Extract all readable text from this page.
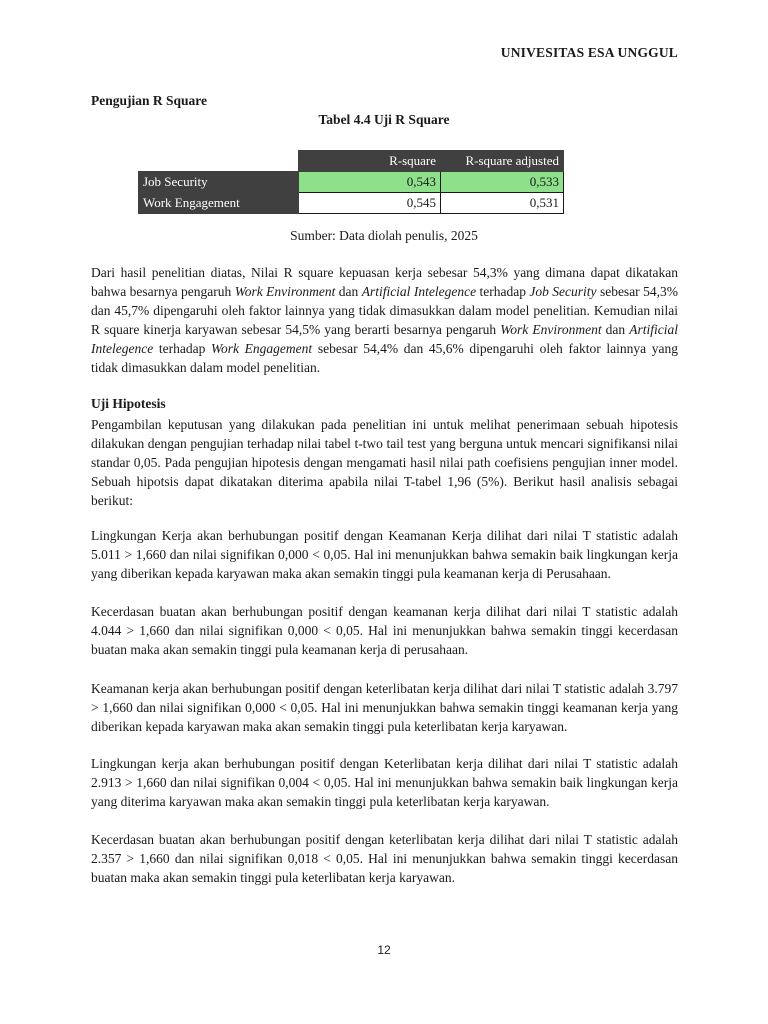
UNIVESITAS ESA UNGGUL
Pengujian R Square
Tabel 4.4 Uji R Square
	R-square	R-square adjusted
Job Security	0,543	0,533
Work Engagement	0,545	0,531
Sumber: Data diolah penulis, 2025
Dari hasil penelitian diatas, Nilai R square kepuasan kerja sebesar 54,3% yang dimana dapat dikatakan bahwa besarnya pengaruh Work Environment dan Artificial Intelegence terhadap Job Security sebesar 54,3% dan 45,7% dipengaruhi oleh faktor lainnya yang tidak dimasukkan dalam model penelitian. Kemudian nilai R square kinerja karyawan sebesar 54,5% yang berarti besarnya pengaruh Work Environment dan Artificial Intelegence terhadap Work Engagement sebesar 54,4% dan 45,6% dipengaruhi oleh faktor lainnya yang tidak dimasukkan dalam model penelitian.
Uji Hipotesis
Pengambilan keputusan yang dilakukan pada penelitian ini untuk melihat penerimaan sebuah hipotesis dilakukan dengan pengujian terhadap nilai tabel t-two tail test yang berguna untuk mencari signifikansi nilai standar 0,05. Pada pengujian hipotesis dengan mengamati hasil nilai path coefisiens pengujian inner model. Sebuah hipotsis dapat dikatakan diterima apabila nilai T-tabel 1,96 (5%). Berikut hasil analisis sebagai berikut:
Lingkungan Kerja akan berhubungan positif dengan Keamanan Kerja dilihat dari nilai T statistic adalah 5.011 > 1,660 dan nilai signifikan 0,000 < 0,05. Hal ini menunjukkan bahwa semakin baik lingkungan kerja yang diberikan kepada karyawan maka akan semakin tinggi pula keamanan kerja di Perusahaan.
Kecerdasan buatan akan berhubungan positif dengan keamanan kerja dilihat dari nilai T statistic adalah 4.044 > 1,660 dan nilai signifikan 0,000 < 0,05. Hal ini menunjukkan bahwa semakin tinggi kecerdasan buatan maka akan semakin tinggi pula keamanan kerja di perusahaan.
Keamanan kerja akan berhubungan positif dengan keterlibatan kerja dilihat dari nilai T statistic adalah 3.797 > 1,660 dan nilai signifikan 0,000 < 0,05. Hal ini menunjukkan bahwa semakin tinggi keamanan kerja yang diberikan kepada karyawan maka akan semakin tinggi pula keterlibatan kerja karyawan.
Lingkungan kerja akan berhubungan positif dengan Keterlibatan kerja dilihat dari nilai T statistic adalah 2.913 > 1,660 dan nilai signifikan 0,004 < 0,05. Hal ini menunjukkan bahwa semakin baik lingkungan kerja yang diterima karyawan maka akan semakin tinggi pula keterlibatan kerja karyawan.
Kecerdasan buatan akan berhubungan positif dengan keterlibatan kerja dilihat dari nilai T statistic adalah 2.357 > 1,660 dan nilai signifikan 0,018 < 0,05. Hal ini menunjukkan bahwa semakin tinggi kecerdasan buatan maka akan semakin tinggi pula keterlibatan kerja karyawan.
12
